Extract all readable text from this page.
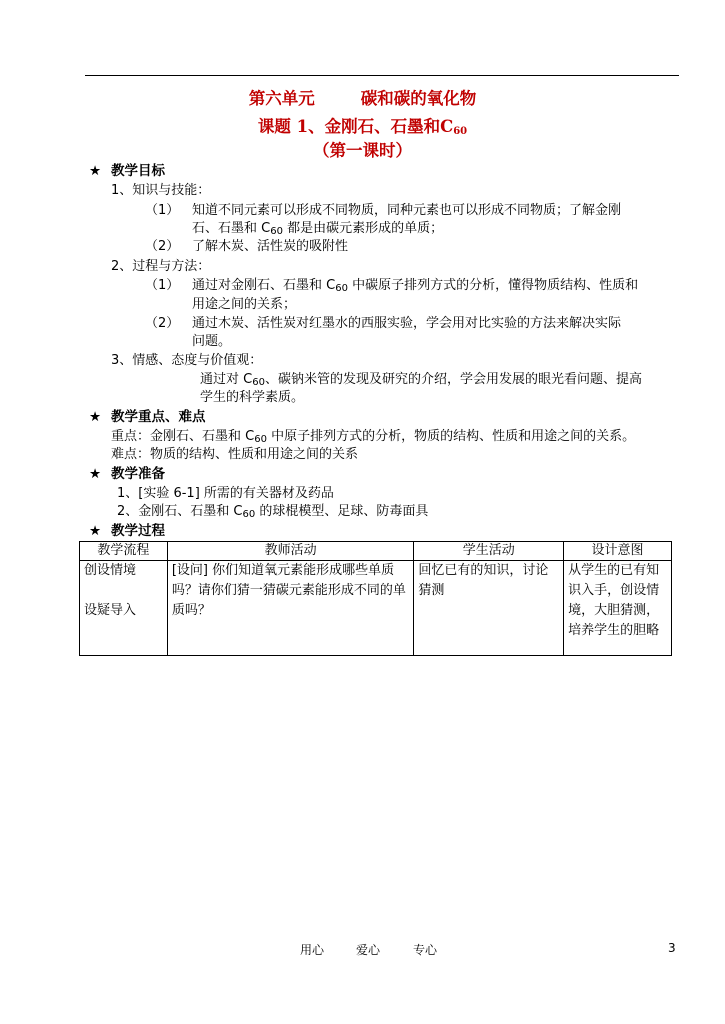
第六单元	碳和碳的氧化物
课题 1、金刚石、石墨和$C_{60}$
（第一课时）
★ 教学目标
1、知识与技能：
（1） 知道不同元素可以形成不同物质，同种元素也可以形成不同物质；了解金刚
石、石墨和 $C_{60}$ 都是由碳元素形成的单质；
（2） 了解木炭、活性炭的吸附性
2、过程与方法：
（1） 通过对金刚石、石墨和 $C_{60}$ 中碳原子排列方式的分析，懂得物质结构、性质和
用途之间的关系；
（2） 通过木炭、活性炭对红墨水的西服实验，学会用对比实验的方法来解决实际
问题。
3、情感、态度与价值观：
通过对 $C_{60}$、碳钠米管的发现及研究的介绍，学会用发展的眼光看问题、提高
学生的科学素质。
★ 教学重点、难点
重点：金刚石、石墨和 $C_{60}$ 中原子排列方式的分析，物质的结构、性质和用途之间的关系。
难点：物质的结构、性质和用途之间的关系
★ 教学准备
1、[实验 6-1] 所需的有关器材及药品
2、金刚石、石墨和 $C_{60}$ 的球棍模型、足球、防毒面具
★ 教学过程
教学流程	教师活动	学生活动	设计意图

创设情境
设疑导入	[设问] 你们知道氧元素能形成哪些单质吗？请你们猜一猜碳元素能形成不同的单质吗？	回忆已有的知识，讨论猜测	从学生的已有知识入手，创设情境，大胆猜测，培养学生的胆略
用心	爱心	专心	3
